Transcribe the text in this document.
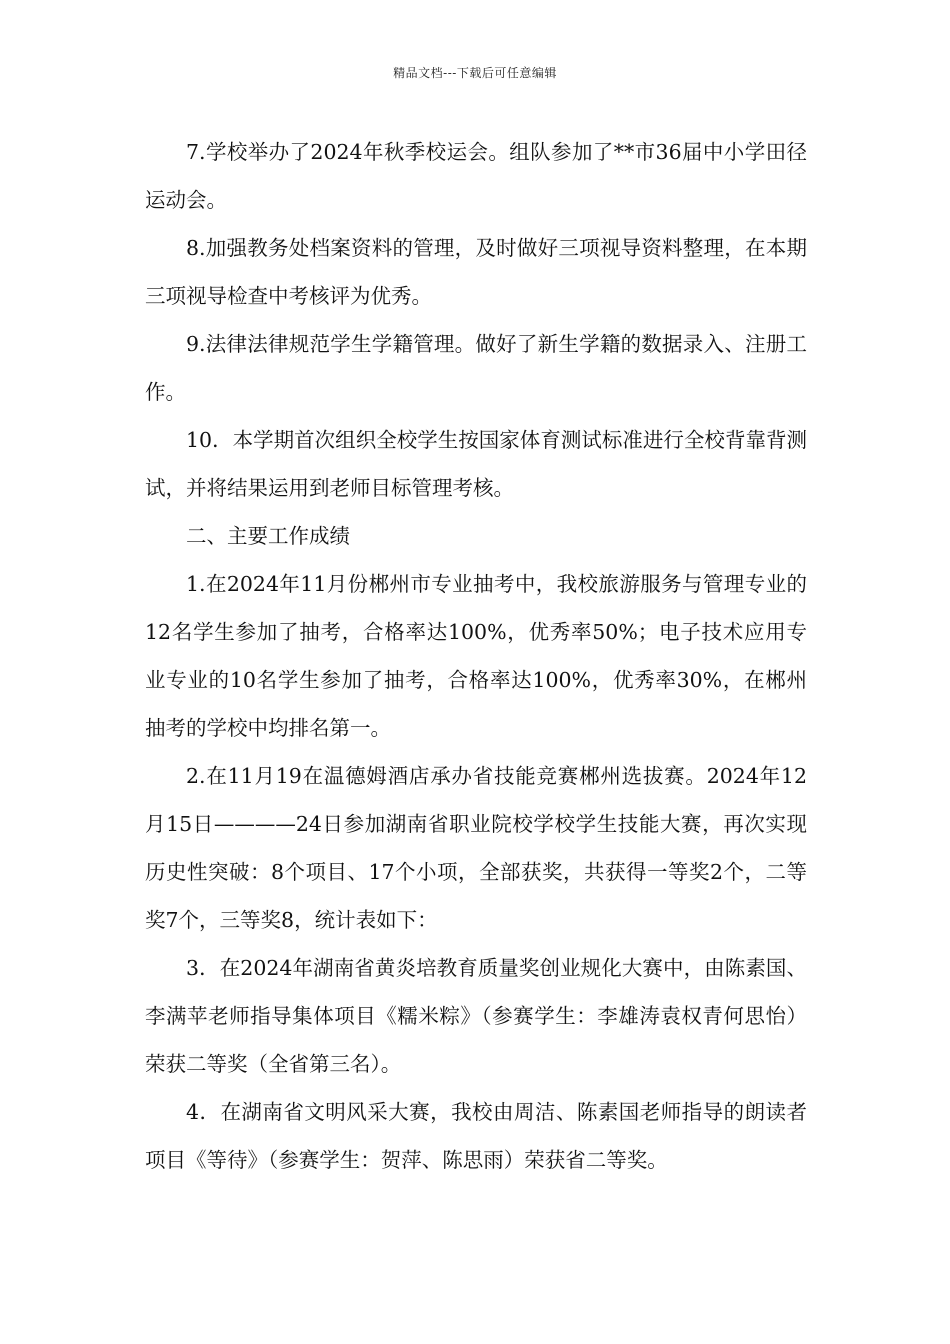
精品文档---下载后可任意编辑

7.学校举办了2024年秋季校运会。组队参加了**市36届中小学田径运动会。

8.加强教务处档案资料的管理，及时做好三项视导资料整理，在本期三项视导检查中考核评为优秀。

9.法律法律规范学生学籍管理。做好了新生学籍的数据录入、注册工作。

10．本学期首次组织全校学生按国家体育测试标准进行全校背靠背测试，并将结果运用到老师目标管理考核。

二、主要工作成绩

1.在2024年11月份郴州市专业抽考中，我校旅游服务与管理专业的12名学生参加了抽考，合格率达100%，优秀率50%；电子技术应用专业专业的10名学生参加了抽考，合格率达100%，优秀率30%，在郴州抽考的学校中均排名第一。

2.在11月19在温德姆酒店承办省技能竞赛郴州选拔赛。2024年12月15日————24日参加湖南省职业院校学校学生技能大赛，再次实现历史性突破：8个项目、17个小项，全部获奖，共获得一等奖2个，二等奖7个，三等奖8，统计表如下：

3．在2024年湖南省黄炎培教育质量奖创业规化大赛中，由陈素国、李满苹老师指导集体项目《糯米粽》（参赛学生：李雄涛袁权青何思怡）荣获二等奖（全省第三名）。

4．在湖南省文明风采大赛，我校由周洁、陈素国老师指导的朗读者项目《等待》（参赛学生：贺萍、陈思雨）荣获省二等奖。
